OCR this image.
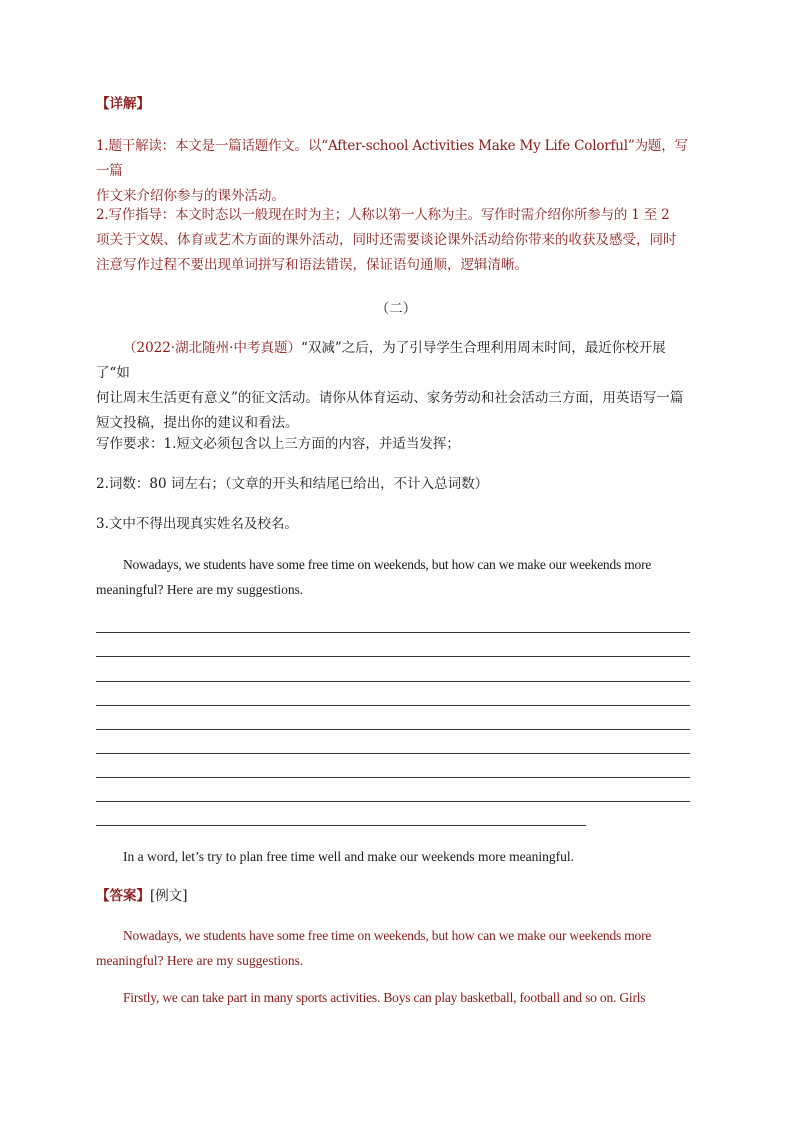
【详解】
1.题干解读：本文是一篇话题作文。以“After-school Activities Make My Life Colorful”为题，写一篇
作文来介绍你参与的课外活动。
2.写作指导：本文时态以一般现在时为主；人称以第一人称为主。写作时需介绍你所参与的 1 至 2
项关于文娱、体育或艺术方面的课外活动，同时还需要谈论课外活动给你带来的收获及感受，同时
注意写作过程不要出现单词拼写和语法错误，保证语句通顺，逻辑清晰。
（二）
（2022·湖北随州·中考真题）“双减”之后，为了引导学生合理利用周末时间，最近你校开展了“如
何让周末生活更有意义”的征文活动。请你从体育运动、家务劳动和社会活动三方面，用英语写一篇
短文投稿，提出你的建议和看法。
写作要求：1.短文必须包含以上三方面的内容，并适当发挥；
2.词数：80 词左右；（文章的开头和结尾已给出，不计入总词数）
3.文中不得出现真实姓名及校名。
Nowadays, we students have some free time on weekends, but how can we make our weekends more
meaningful? Here are my suggestions.
In a word, let’s try to plan free time well and make our weekends more meaningful.
【答案】[例文]
Nowadays, we students have some free time on weekends, but how can we make our weekends more
meaningful? Here are my suggestions.
Firstly, we can take part in many sports activities. Boys can play basketball, football and so on. Girls
